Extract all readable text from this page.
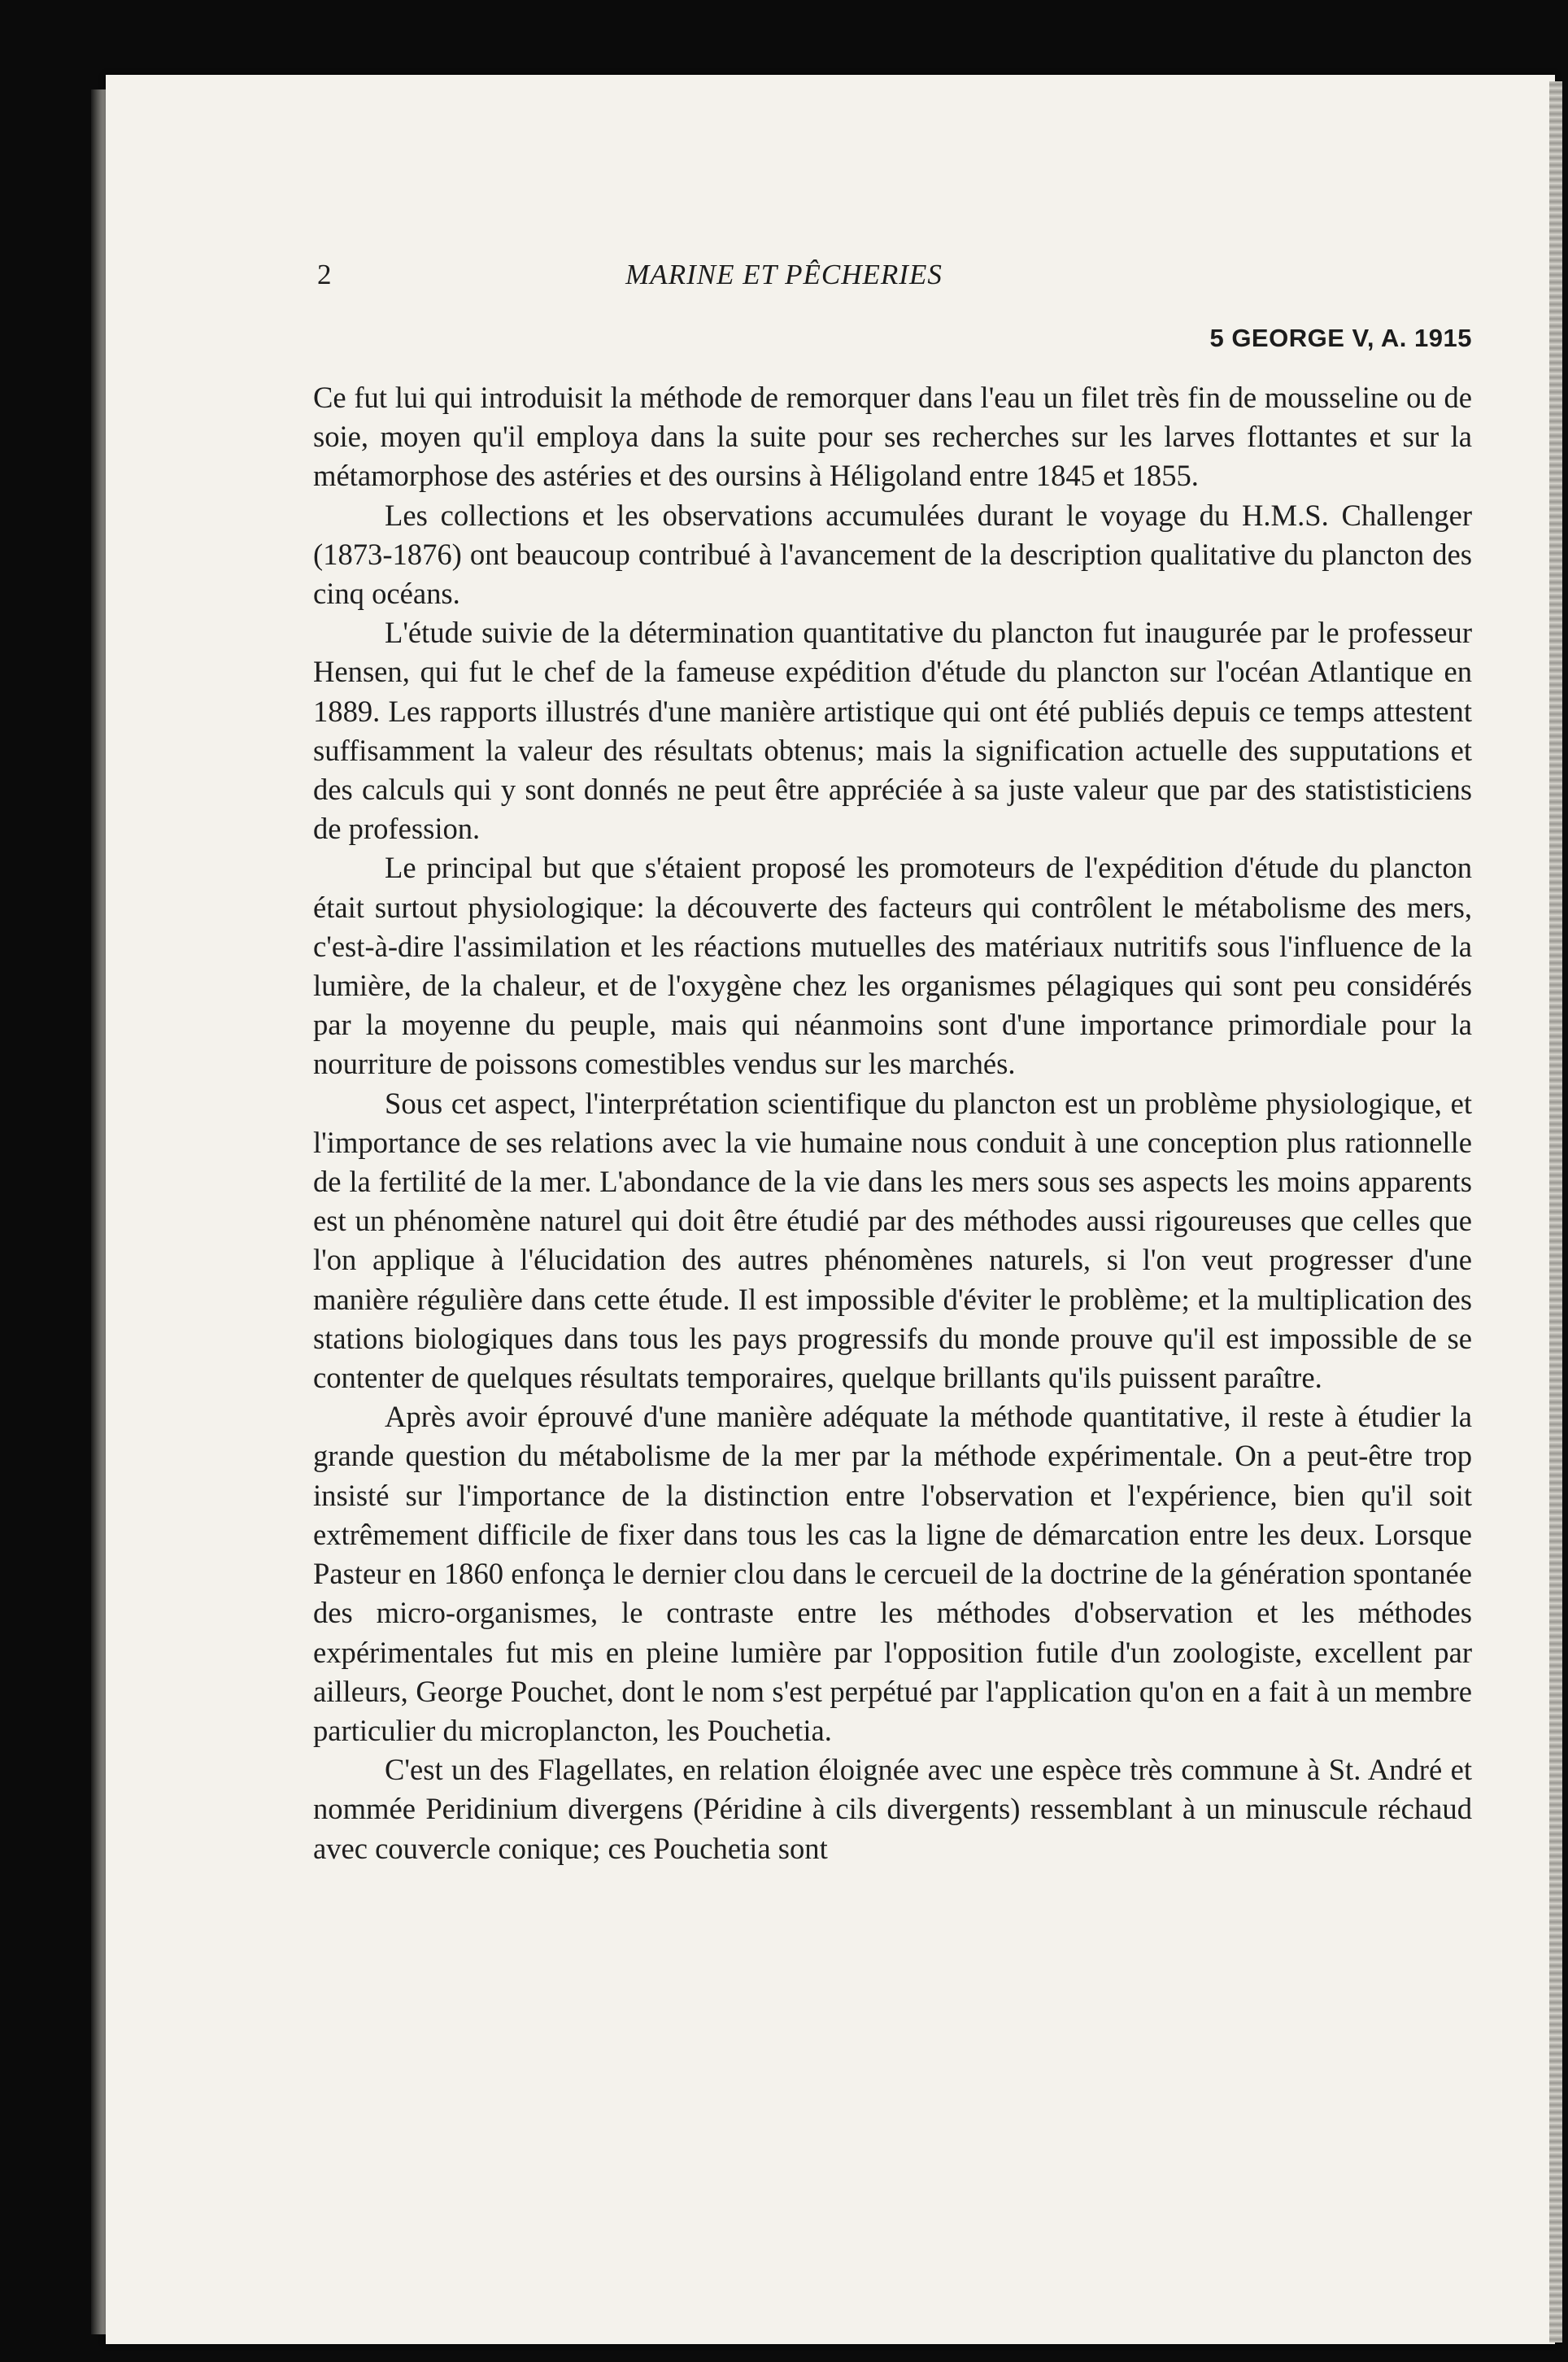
2	MARINE ET PÊCHERIES
5 GEORGE V, A. 1915

Ce fut lui qui introduisit la méthode de remorquer dans l'eau un filet très fin de mousseline ou de soie, moyen qu'il employa dans la suite pour ses recherches sur les larves flottantes et sur la métamorphose des astéries et des oursins à Héligoland entre 1845 et 1855.

Les collections et les observations accumulées durant le voyage du H.M.S. Challenger (1873-1876) ont beaucoup contribué à l'avancement de la description qualitative du plancton des cinq océans.

L'étude suivie de la détermination quantitative du plancton fut inaugurée par le professeur Hensen, qui fut le chef de la fameuse expédition d'étude du plancton sur l'océan Atlantique en 1889. Les rapports illustrés d'une manière artistique qui ont été publiés depuis ce temps attestent suffisamment la valeur des résultats obtenus; mais la signification actuelle des supputations et des calculs qui y sont donnés ne peut être appréciée à sa juste valeur que par des statististiciens de profession.

Le principal but que s'étaient proposé les promoteurs de l'expédition d'étude du plancton était surtout physiologique: la découverte des facteurs qui contrôlent le métabolisme des mers, c'est-à-dire l'assimilation et les réactions mutuelles des matériaux nutritifs sous l'influence de la lumière, de la chaleur, et de l'oxygène chez les organismes pélagiques qui sont peu considérés par la moyenne du peuple, mais qui néanmoins sont d'une importance primordiale pour la nourriture de poissons comestibles vendus sur les marchés.

Sous cet aspect, l'interprétation scientifique du plancton est un problème physiologique, et l'importance de ses relations avec la vie humaine nous conduit à une conception plus rationnelle de la fertilité de la mer. L'abondance de la vie dans les mers sous ses aspects les moins apparents est un phénomène naturel qui doit être étudié par des méthodes aussi rigoureuses que celles que l'on applique à l'élucidation des autres phénomènes naturels, si l'on veut progresser d'une manière régulière dans cette étude. Il est impossible d'éviter le problème; et la multiplication des stations biologiques dans tous les pays progressifs du monde prouve qu'il est impossible de se contenter de quelques résultats temporaires, quelque brillants qu'ils puissent paraître.

Après avoir éprouvé d'une manière adéquate la méthode quantitative, il reste à étudier la grande question du métabolisme de la mer par la méthode expérimentale. On a peut-être trop insisté sur l'importance de la distinction entre l'observation et l'expérience, bien qu'il soit extrêmement difficile de fixer dans tous les cas la ligne de démarcation entre les deux. Lorsque Pasteur en 1860 enfonça le dernier clou dans le cercueil de la doctrine de la génération spontanée des micro-organismes, le contraste entre les méthodes d'observation et les méthodes expérimentales fut mis en pleine lumière par l'opposition futile d'un zoologiste, excellent par ailleurs, George Pouchet, dont le nom s'est perpétué par l'application qu'on en a fait à un membre particulier du microplancton, les Pouchetia.

C'est un des Flagellates, en relation éloignée avec une espèce très commune à St. André et nommée Peridinium divergens (Péridine à cils divergents) ressemblant à un minuscule réchaud avec couvercle conique; ces Pouchetia sont
